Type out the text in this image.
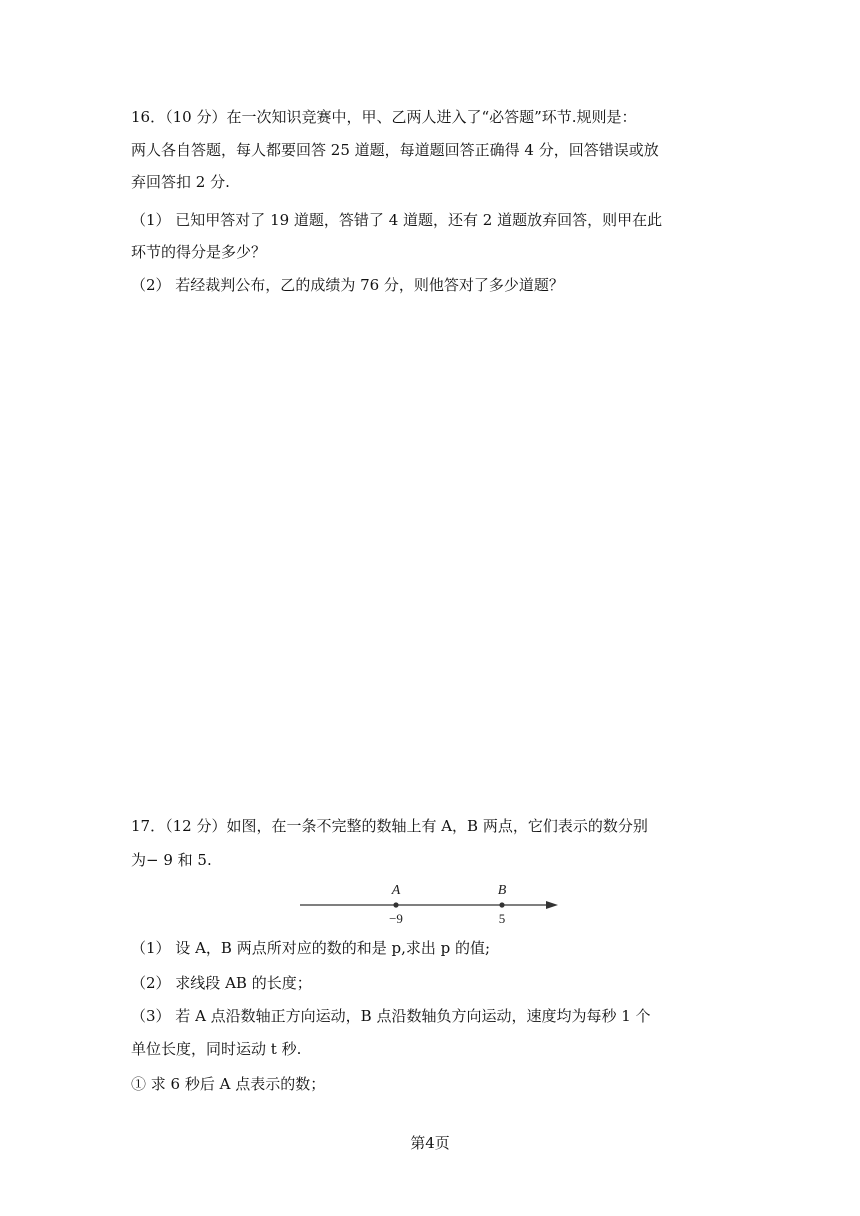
16．（10 分）在一次知识竞赛中，甲、乙两人进入了“必答题”环节.规则是：
两人各自答题，每人都要回答 25 道题，每道题回答正确得 4 分，回答错误或放
弃回答扣 2 分.
（1） 已知甲答对了 19 道题，答错了 4 道题，还有 2 道题放弃回答，则甲在此
环节的得分是多少？
（2） 若经裁判公布，乙的成绩为 76 分，则他答对了多少道题？
17．（12 分）如图，在一条不完整的数轴上有 A，B 两点，它们表示的数分别
为− 9 和 5.
A	B
−9	5
（1） 设 A，B 两点所对应的数的和是 p,求出 p 的值;
（2） 求线段 AB 的长度；
（3） 若 A 点沿数轴正方向运动，B 点沿数轴负方向运动，速度均为每秒 1 个
单位长度，同时运动 t 秒.
① 求 6 秒后 A 点表示的数；
第4页
